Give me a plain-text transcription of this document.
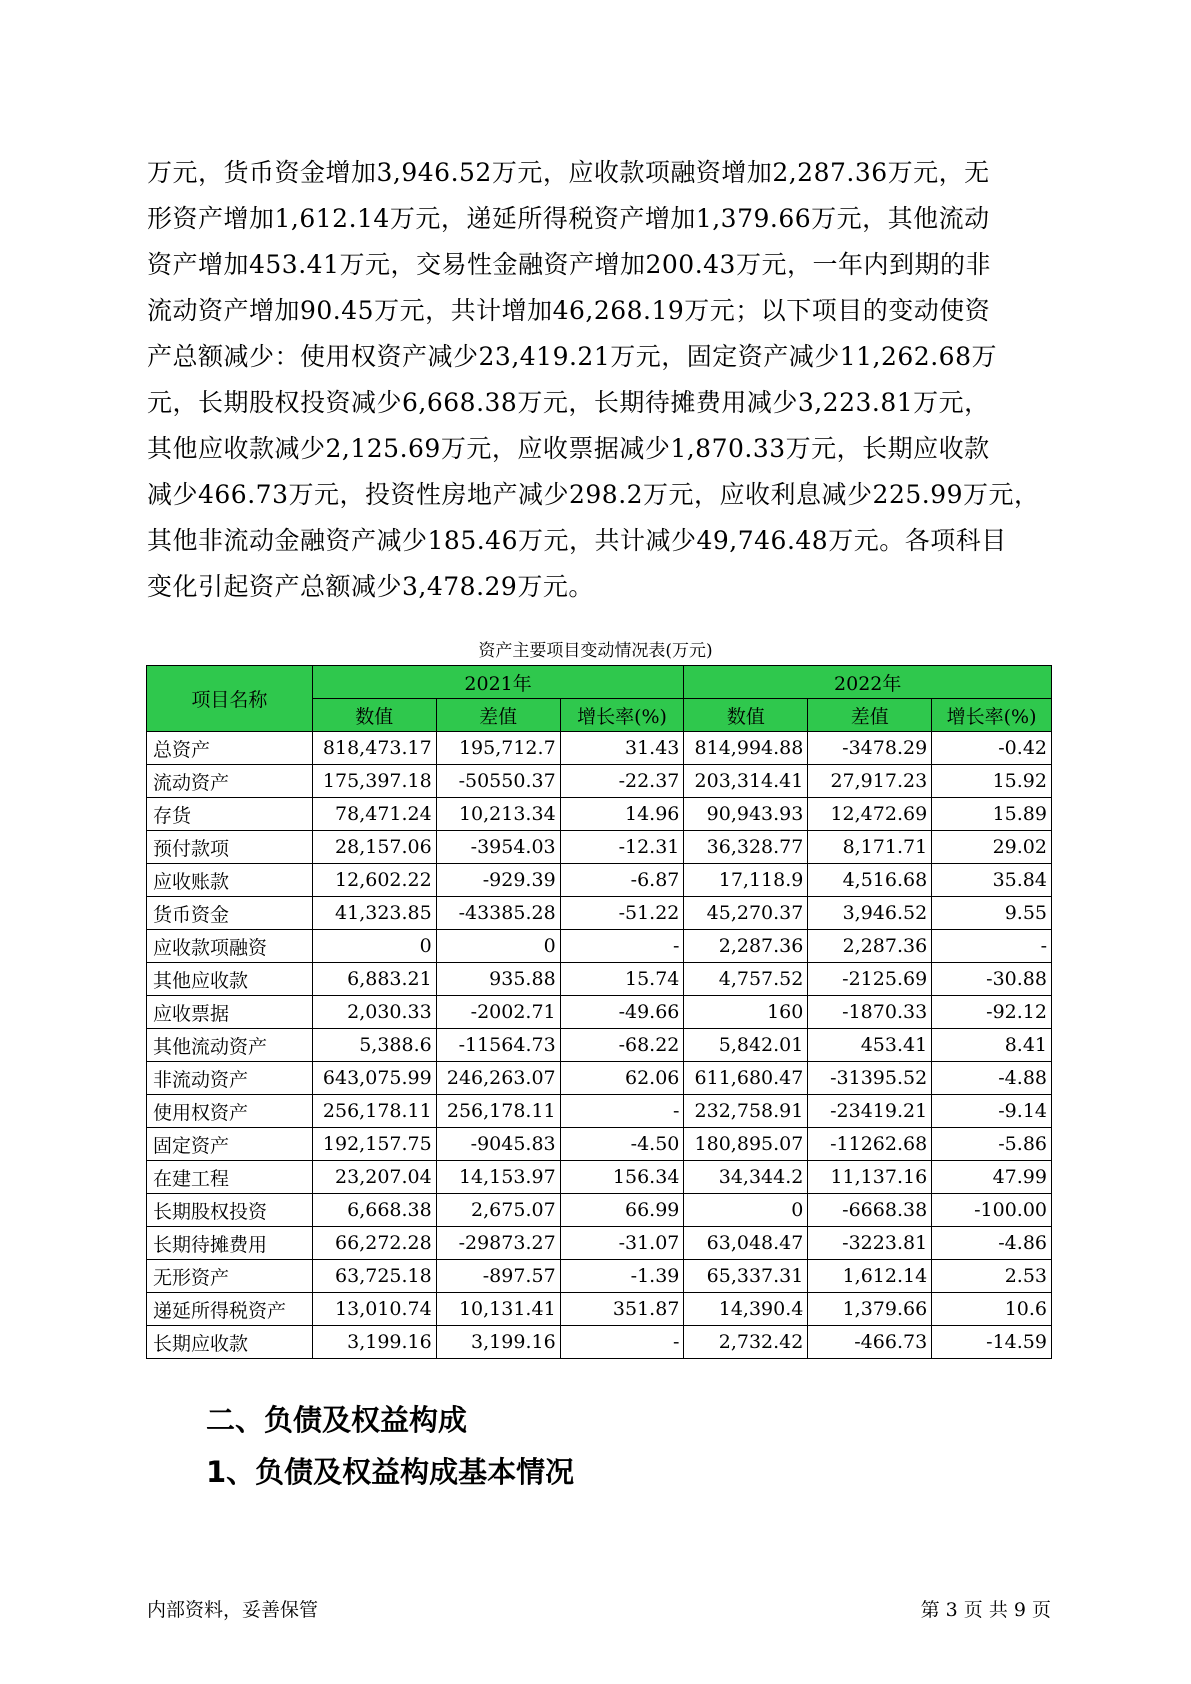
万元，货币资金增加3,946.52万元，应收款项融资增加2,287.36万元，无

形资产增加1,612.14万元，递延所得税资产增加1,379.66万元，其他流动

资产增加453.41万元，交易性金融资产增加200.43万元，一年内到期的非

流动资产增加90.45万元，共计增加46,268.19万元；以下项目的变动使资

产总额减少：使用权资产减少23,419.21万元，固定资产减少11,262.68万

元，长期股权投资减少6,668.38万元，长期待摊费用减少3,223.81万元，

其他应收款减少2,125.69万元，应收票据减少1,870.33万元，长期应收款

减少466.73万元，投资性房地产减少298.2万元，应收利息减少225.99万元，

其他非流动金融资产减少185.46万元，共计减少49,746.48万元。各项科目

变化引起资产总额减少3,478.29万元。

资产主要项目变动情况表(万元)
项目名称	2021年			2022年		
	数值	差值	增长率(%)	数值	差值	增长率(%)
总资产	818,473.17	195,712.7	31.43	814,994.88	-3478.29	-0.42
流动资产	175,397.18	-50550.37	-22.37	203,314.41	27,917.23	15.92
存货	78,471.24	10,213.34	14.96	90,943.93	12,472.69	15.89
预付款项	28,157.06	-3954.03	-12.31	36,328.77	8,171.71	29.02
应收账款	12,602.22	-929.39	-6.87	17,118.9	4,516.68	35.84
货币资金	41,323.85	-43385.28	-51.22	45,270.37	3,946.52	9.55
应收款项融资	0	0	-	2,287.36	2,287.36	-
其他应收款	6,883.21	935.88	15.74	4,757.52	-2125.69	-30.88
应收票据	2,030.33	-2002.71	-49.66	160	-1870.33	-92.12
其他流动资产	5,388.6	-11564.73	-68.22	5,842.01	453.41	8.41
非流动资产	643,075.99	246,263.07	62.06	611,680.47	-31395.52	-4.88
使用权资产	256,178.11	256,178.11	-	232,758.91	-23419.21	-9.14
固定资产	192,157.75	-9045.83	-4.50	180,895.07	-11262.68	-5.86
在建工程	23,207.04	14,153.97	156.34	34,344.2	11,137.16	47.99
长期股权投资	6,668.38	2,675.07	66.99	0	-6668.38	-100.00
长期待摊费用	66,272.28	-29873.27	-31.07	63,048.47	-3223.81	-4.86
无形资产	63,725.18	-897.57	-1.39	65,337.31	1,612.14	2.53
递延所得税资产	13,010.74	10,131.41	351.87	14,390.4	1,379.66	10.6
长期应收款	3,199.16	3,199.16	-	2,732.42	-466.73	-14.59
二、负债及权益构成
1、负债及权益构成基本情况
内部资料，妥善保管	第 3 页 共 9 页
